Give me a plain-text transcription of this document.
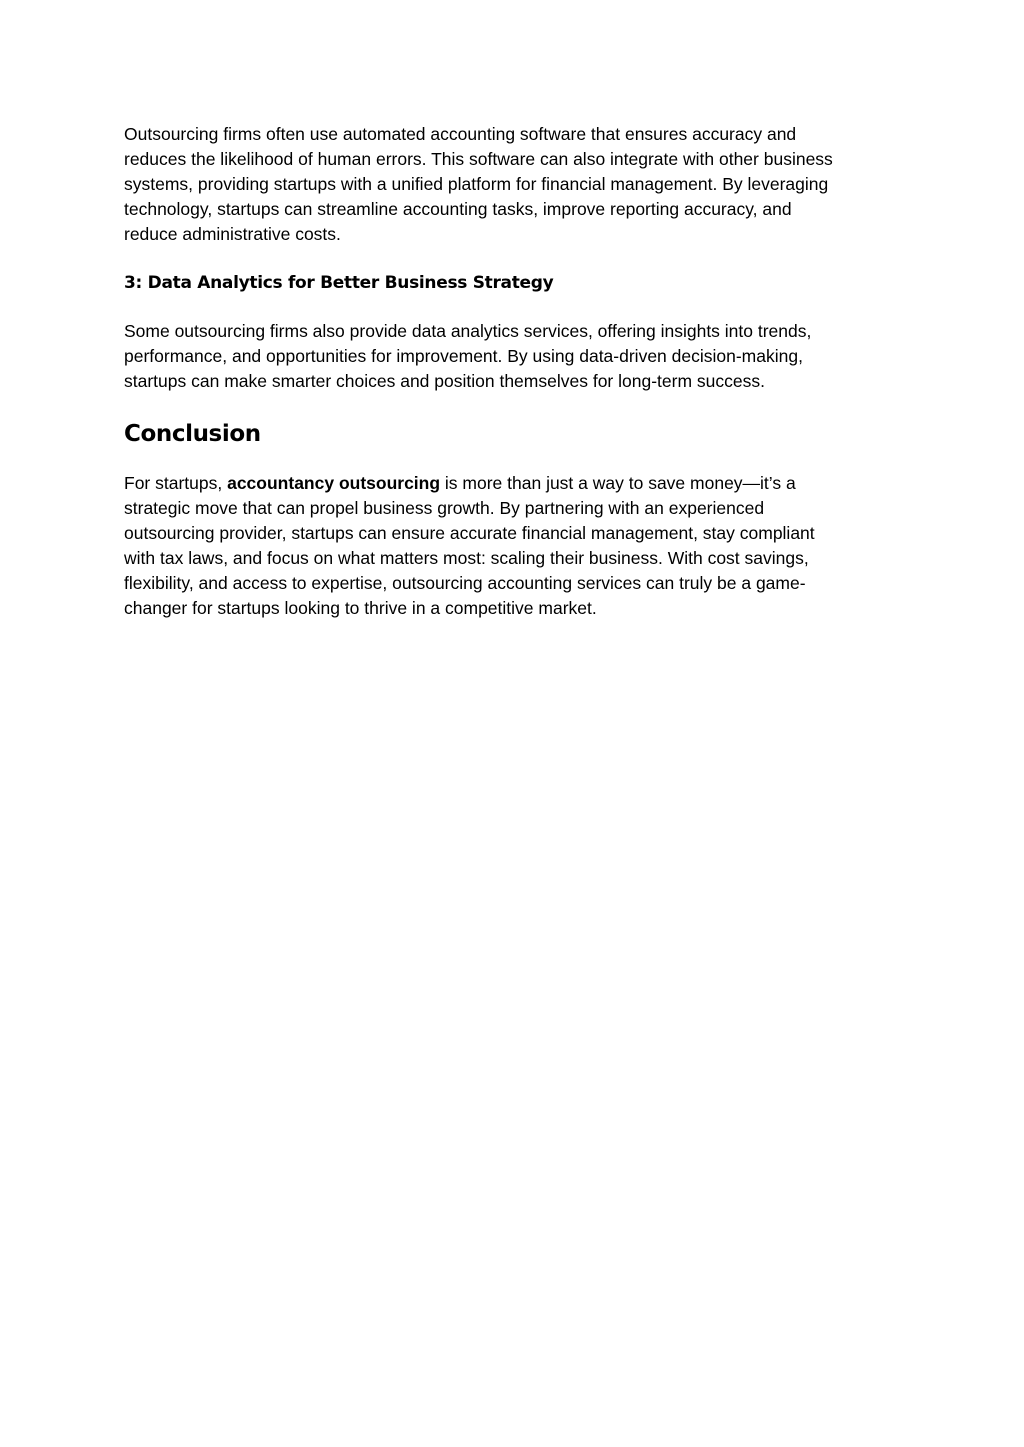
Outsourcing firms often use automated accounting software that ensures accuracy and
reduces the likelihood of human errors. This software can also integrate with other business
systems, providing startups with a unified platform for financial management. By leveraging
technology, startups can streamline accounting tasks, improve reporting accuracy, and
reduce administrative costs.

3: Data Analytics for Better Business Strategy

Some outsourcing firms also provide data analytics services, offering insights into trends,
performance, and opportunities for improvement. By using data-driven decision-making,
startups can make smarter choices and position themselves for long-term success.

Conclusion

For startups, accountancy outsourcing is more than just a way to save money—it’s a
strategic move that can propel business growth. By partnering with an experienced
outsourcing provider, startups can ensure accurate financial management, stay compliant
with tax laws, and focus on what matters most: scaling their business. With cost savings,
flexibility, and access to expertise, outsourcing accounting services can truly be a game-
changer for startups looking to thrive in a competitive market.
